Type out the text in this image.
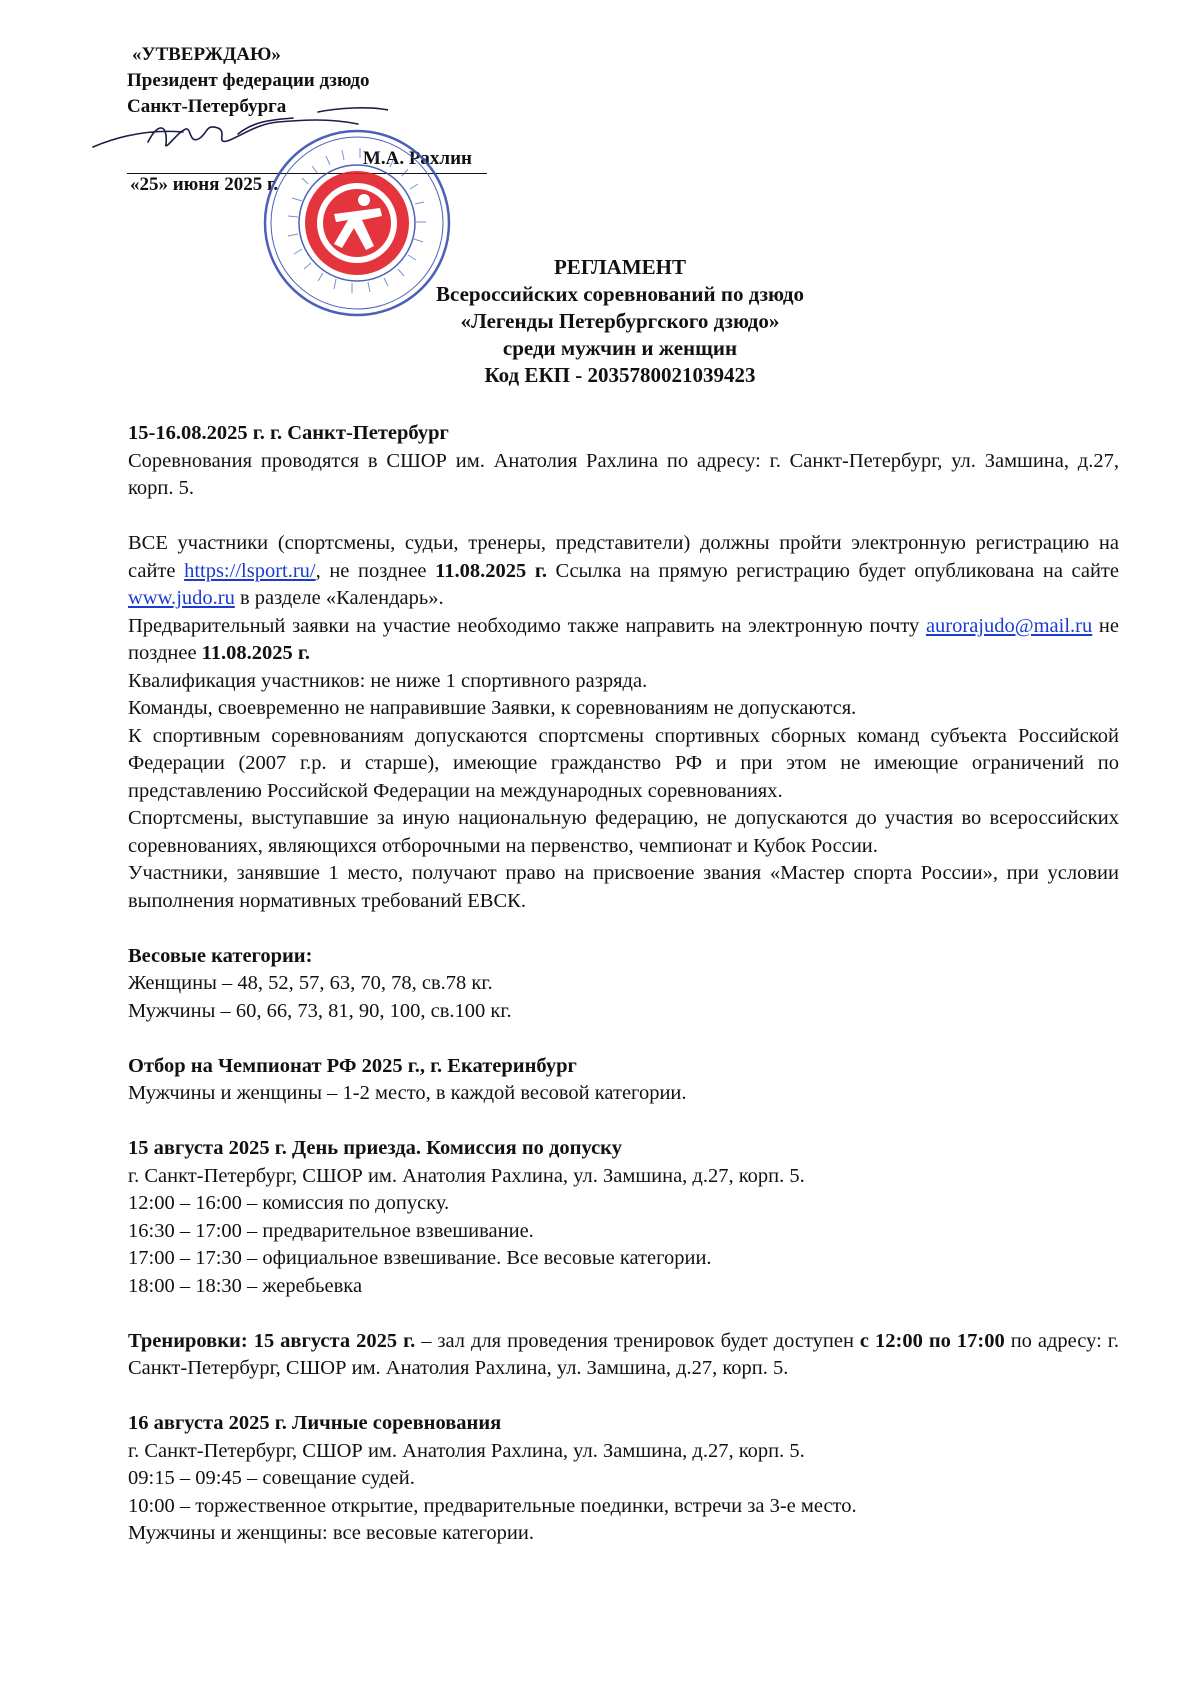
«УТВЕРЖДАЮ»
Президент федерации дзюдо
Санкт-Петербурга
М.А. Рахлин
«25» июня 2025 г.
РЕГЛАМЕНТ
Всероссийских соревнований по дзюдо
«Легенды Петербургского дзюдо»
среди мужчин и женщин
Код ЕКП - 2035780021039423

15-16.08.2025 г. г. Санкт-Петербург

Соревнования проводятся в СШОР им. Анатолия Рахлина по адресу: г. Санкт-Петербург, ул. Замшина, д.27, корп. 5.

ВСЕ участники (спортсмены, судьи, тренеры, представители) должны пройти электронную регистрацию на сайте https://lsport.ru/, не позднее 11.08.2025 г. Ссылка на прямую регистрацию будет опубликована на сайте www.judo.ru в разделе «Календарь».

Предварительный заявки на участие необходимо также направить на электронную почту aurorajudo@mail.ru не позднее 11.08.2025 г.

Квалификация участников: не ниже 1 спортивного разряда.

Команды, своевременно не направившие Заявки, к соревнованиям не допускаются.

К спортивным соревнованиям допускаются спортсмены спортивных сборных команд субъекта Российской Федерации (2007 г.р. и старше), имеющие гражданство РФ и при этом не имеющие ограничений по представлению Российской Федерации на международных соревнованиях.

Спортсмены, выступавшие за иную национальную федерацию, не допускаются до участия во всероссийских соревнованиях, являющихся отборочными на первенство, чемпионат и Кубок России.

Участники, занявшие 1 место, получают право на присвоение звания «Мастер спорта России», при условии выполнения нормативных требований ЕВСК.

Весовые категории:

Женщины – 48, 52, 57, 63, 70, 78, св.78 кг.

Мужчины – 60, 66, 73, 81, 90, 100, св.100 кг.

Отбор на Чемпионат РФ 2025 г., г. Екатеринбург

Мужчины и женщины – 1-2 место, в каждой весовой категории.

15 августа 2025 г. День приезда. Комиссия по допуску

г. Санкт-Петербург, СШОР им. Анатолия Рахлина, ул. Замшина, д.27, корп. 5.

12:00 – 16:00 – комиссия по допуску.

16:30 – 17:00 – предварительное взвешивание.

17:00 – 17:30 – официальное взвешивание. Все весовые категории.

18:00 – 18:30 – жеребьевка

Тренировки: 15 августа 2025 г. – зал для проведения тренировок будет доступен с 12:00 по 17:00 по адресу: г. Санкт-Петербург, СШОР им. Анатолия Рахлина, ул. Замшина, д.27, корп. 5.

16 августа 2025 г. Личные соревнования

г. Санкт-Петербург, СШОР им. Анатолия Рахлина, ул. Замшина, д.27, корп. 5.

09:15 – 09:45 – совещание судей.

10:00 – торжественное открытие, предварительные поединки, встречи за 3-е место.

Мужчины и женщины: все весовые категории.
